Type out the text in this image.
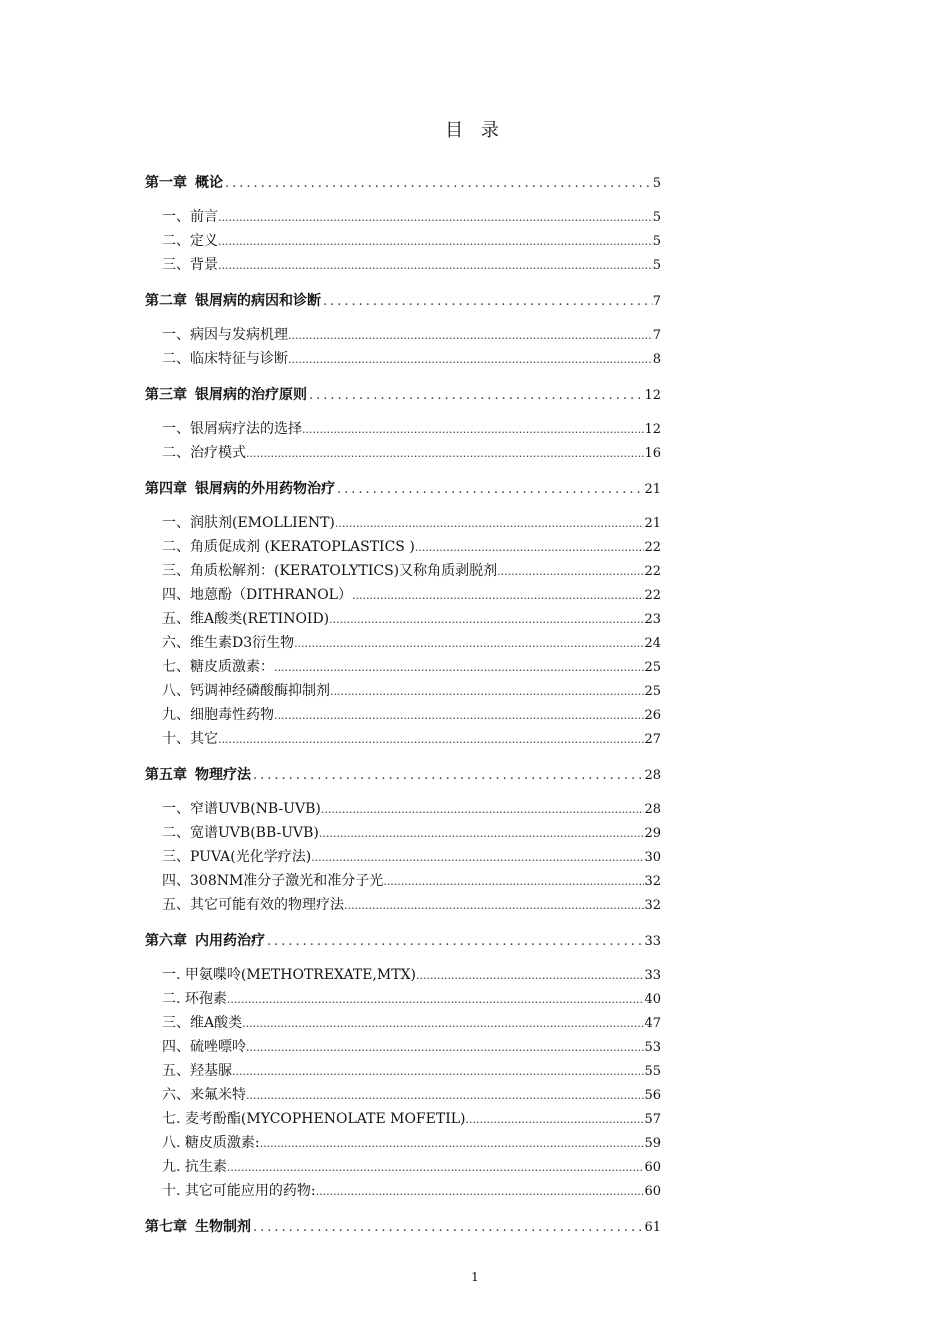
目 录
第一章 概论 .....	5
一、前言 .....	5
二、定义 .....	5
三、背景 .....	5
第二章 银屑病的病因和诊断 .....	7
一、病因与发病机理 .....	7
二、临床特征与诊断 .....	8
第三章 银屑病的治疗原则 .....	12
一、银屑病疗法的选择 .....	12
二、治疗模式 .....	16
第四章 银屑病的外用药物治疗 .....	21
一、润肤剂(EMOLLIENT) .....	21
二、角质促成剂 (KERATOPLASTICS ) .....	22
三、角质松解剂：(KERATOLYTICS)又称角质剥脱剂 .....	22
四、地蒽酚（DITHRANOL） .....	22
五、维A酸类(RETINOID) .....	23
六、维生素D3衍生物 .....	24
七、糖皮质激素： .....	25
八、钙调神经磷酸酶抑制剂 .....	25
九、细胞毒性药物 .....	26
十、其它 .....	27
第五章 物理疗法 .....	28
一、窄谱UVB(NB-UVB) .....	28
二、宽谱UVB(BB-UVB) .....	29
三、PUVA(光化学疗法) .....	30
四、308NM准分子激光和准分子光 .....	32
五、其它可能有效的物理疗法 .....	32
第六章 内用药治疗 .....	33
一. 甲氨喋呤(METHOTREXATE,MTX) .....	33
二. 环孢素 .....	40
三、维A酸类 .....	47
四、硫唑嘌呤 .....	53
五、羟基脲 .....	55
六、来氟米特 .....	56
七. 麦考酚酯(MYCOPHENOLATE MOFETIL) .....	57
八. 糖皮质激素: .....	59
九. 抗生素 .....	60
十. 其它可能应用的药物: .....	60
第七章 生物制剂 .....	61
1
